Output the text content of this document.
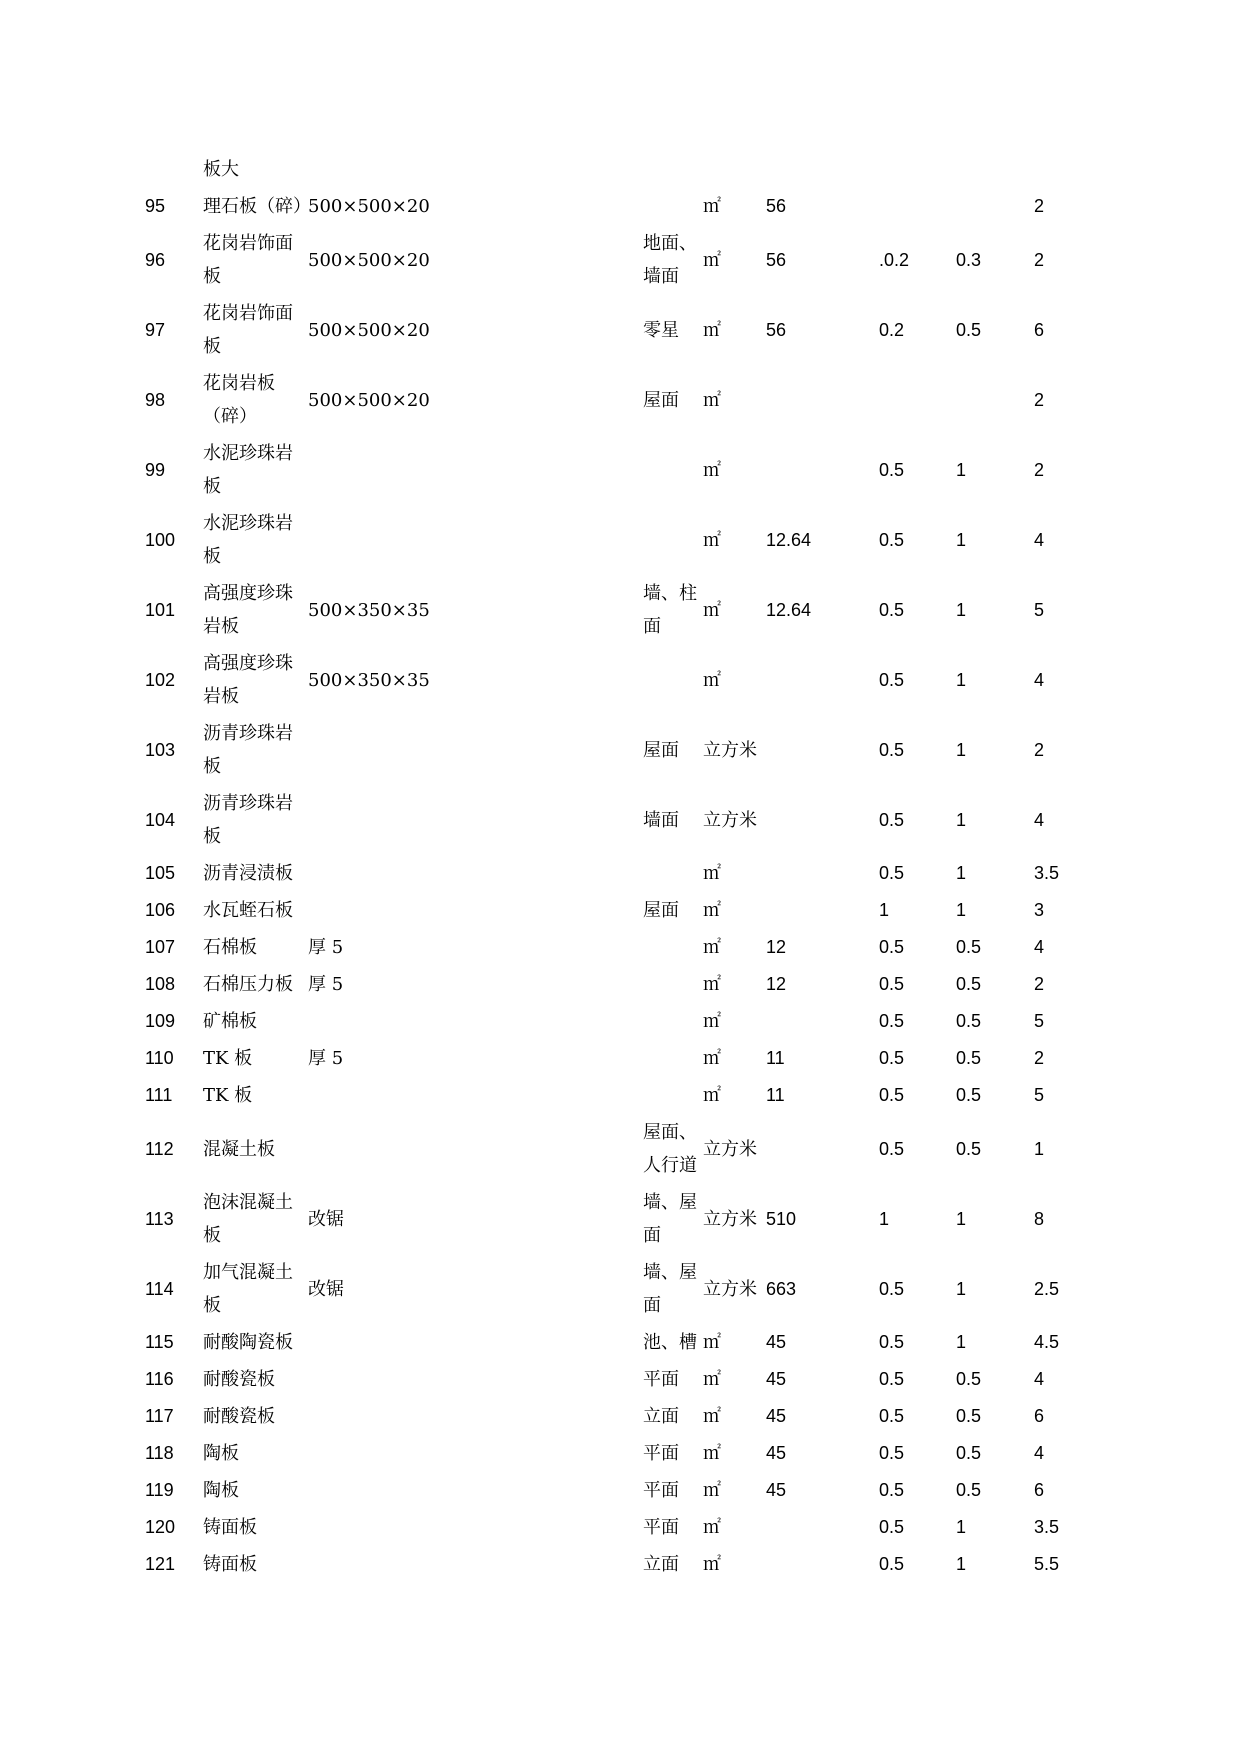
板大
95	理石板（碎）	500×500×20		㎡	56			2
96	花岗岩饰面板	500×500×20	地面、墙面	㎡	56	.0.2	0.3	2
97	花岗岩饰面板	500×500×20	零星	㎡	56	0.2	0.5	6
98	花岗岩板（碎）	500×500×20	屋面	㎡				2
99	水泥珍珠岩板			㎡		0.5	1	2
100	水泥珍珠岩板			㎡	12.64	0.5	1	4
101	高强度珍珠岩板	500×350×35	墙、柱面	㎡	12.64	0.5	1	5
102	高强度珍珠岩板	500×350×35		㎡		0.5	1	4
103	沥青珍珠岩板		屋面	立方米		0.5	1	2
104	沥青珍珠岩板		墙面	立方米		0.5	1	4
105	沥青浸渍板			㎡		0.5	1	3.5
106	水瓦蛭石板		屋面	㎡		1	1	3
107	石棉板	厚 5		㎡	12	0.5	0.5	4
108	石棉压力板	厚 5		㎡	12	0.5	0.5	2
109	矿棉板			㎡		0.5	0.5	5
110	TK 板	厚 5		㎡	11	0.5	0.5	2
111	TK 板			㎡	11	0.5	0.5	5
112	混凝土板		屋面、人行道	立方米		0.5	0.5	1
113	泡沫混凝土板	改锯	墙、屋面	立方米	510	1	1	8
114	加气混凝土板	改锯	墙、屋面	立方米	663	0.5	1	2.5
115	耐酸陶瓷板		池、槽	㎡	45	0.5	1	4.5
116	耐酸瓷板		平面	㎡	45	0.5	0.5	4
117	耐酸瓷板		立面	㎡	45	0.5	0.5	6
118	陶板		平面	㎡	45	0.5	0.5	4
119	陶板		平面	㎡	45	0.5	0.5	6
120	铸面板		平面	㎡		0.5	1	3.5
121	铸面板		立面	㎡		0.5	1	5.5
